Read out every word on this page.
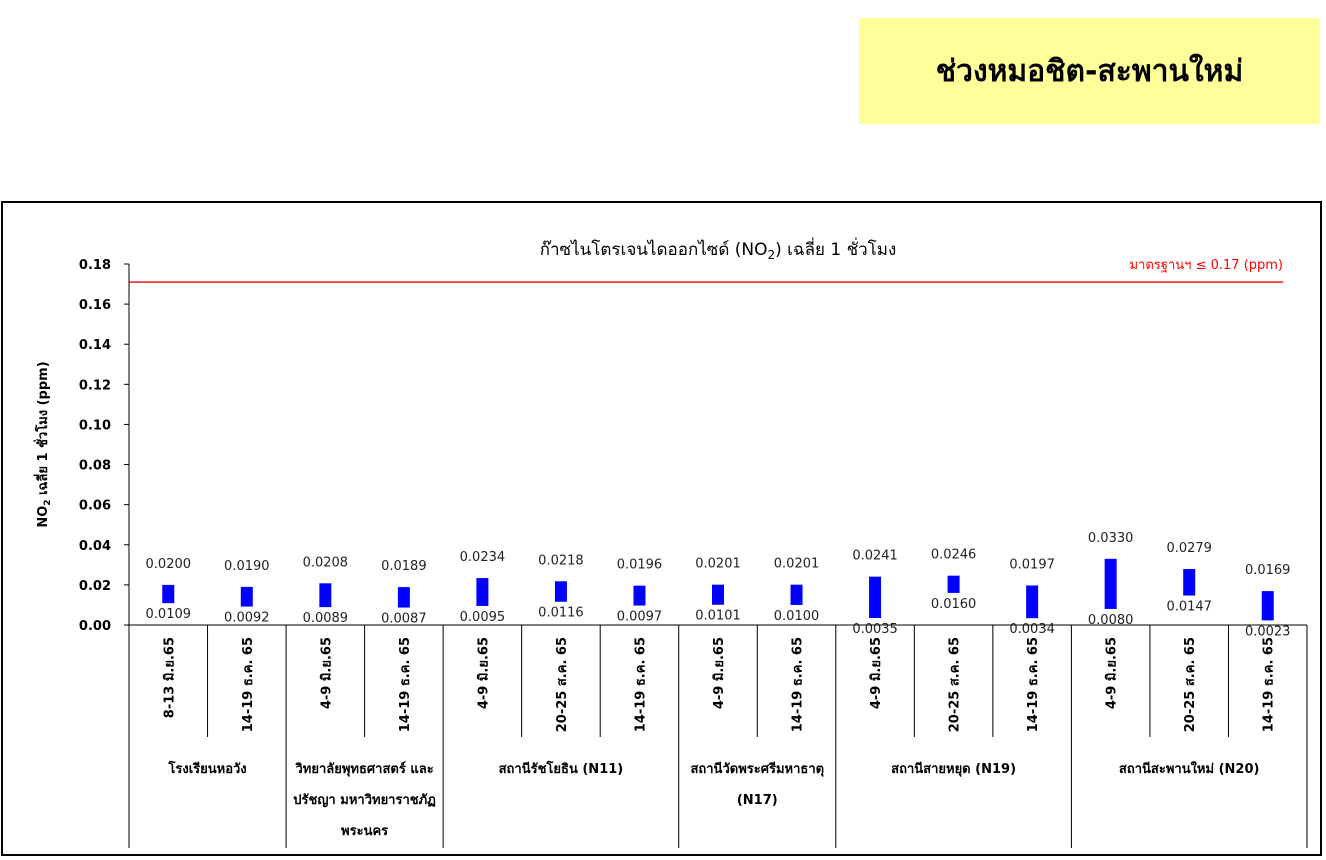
ช่วงหมอชิต-สะพานใหม่
ก๊าซไนโตรเจนไดออกไซด์ $(NO_2)$ เฉลี่ย 1 ชั่วโมง
$NO_2$ เฉลี่ย 1 ชั่วโมง (ppm)
มาตรฐานฯ ≤ 0.17 (ppm)
0.00
0.02
0.04
0.06
0.08
0.10
0.12
0.14
0.16
0.18
0.0200
0.0109
8-13 มิ.ย.65
0.0190
0.0092
14-19 ธ.ค. 65
0.0208
0.0089
4-9 มิ.ย.65
0.0189
0.0087
14-19 ธ.ค. 65
0.0234
0.0095
4-9 มิ.ย.65
0.0218
0.0116
20-25 ส.ค. 65
0.0196
0.0097
14-19 ธ.ค. 65
0.0201
0.0101
4-9 มิ.ย.65
0.0201
0.0100
14-19 ธ.ค. 65
0.0241
0.0035
4-9 มิ.ย.65
0.0246
0.0160
20-25 ส.ค. 65
0.0197
0.0034
14-19 ธ.ค. 65
0.0330
0.0080
4-9 มิ.ย.65
0.0279
0.0147
20-25 ส.ค. 65
0.0169
0.0023
14-19 ธ.ค. 65
โรงเรียนหอวัง	วิทยาลัยพุทธศาสตร์ และ
ปรัชญา มหาวิทยาราชภัฏ
พระนคร
สถานีรัชโยธิน (N11)	สถานีวัดพระศรีมหาธาตุ
(N17)
สถานีสายหยุด (N19)	สถานีสะพานใหม่ (N20)
